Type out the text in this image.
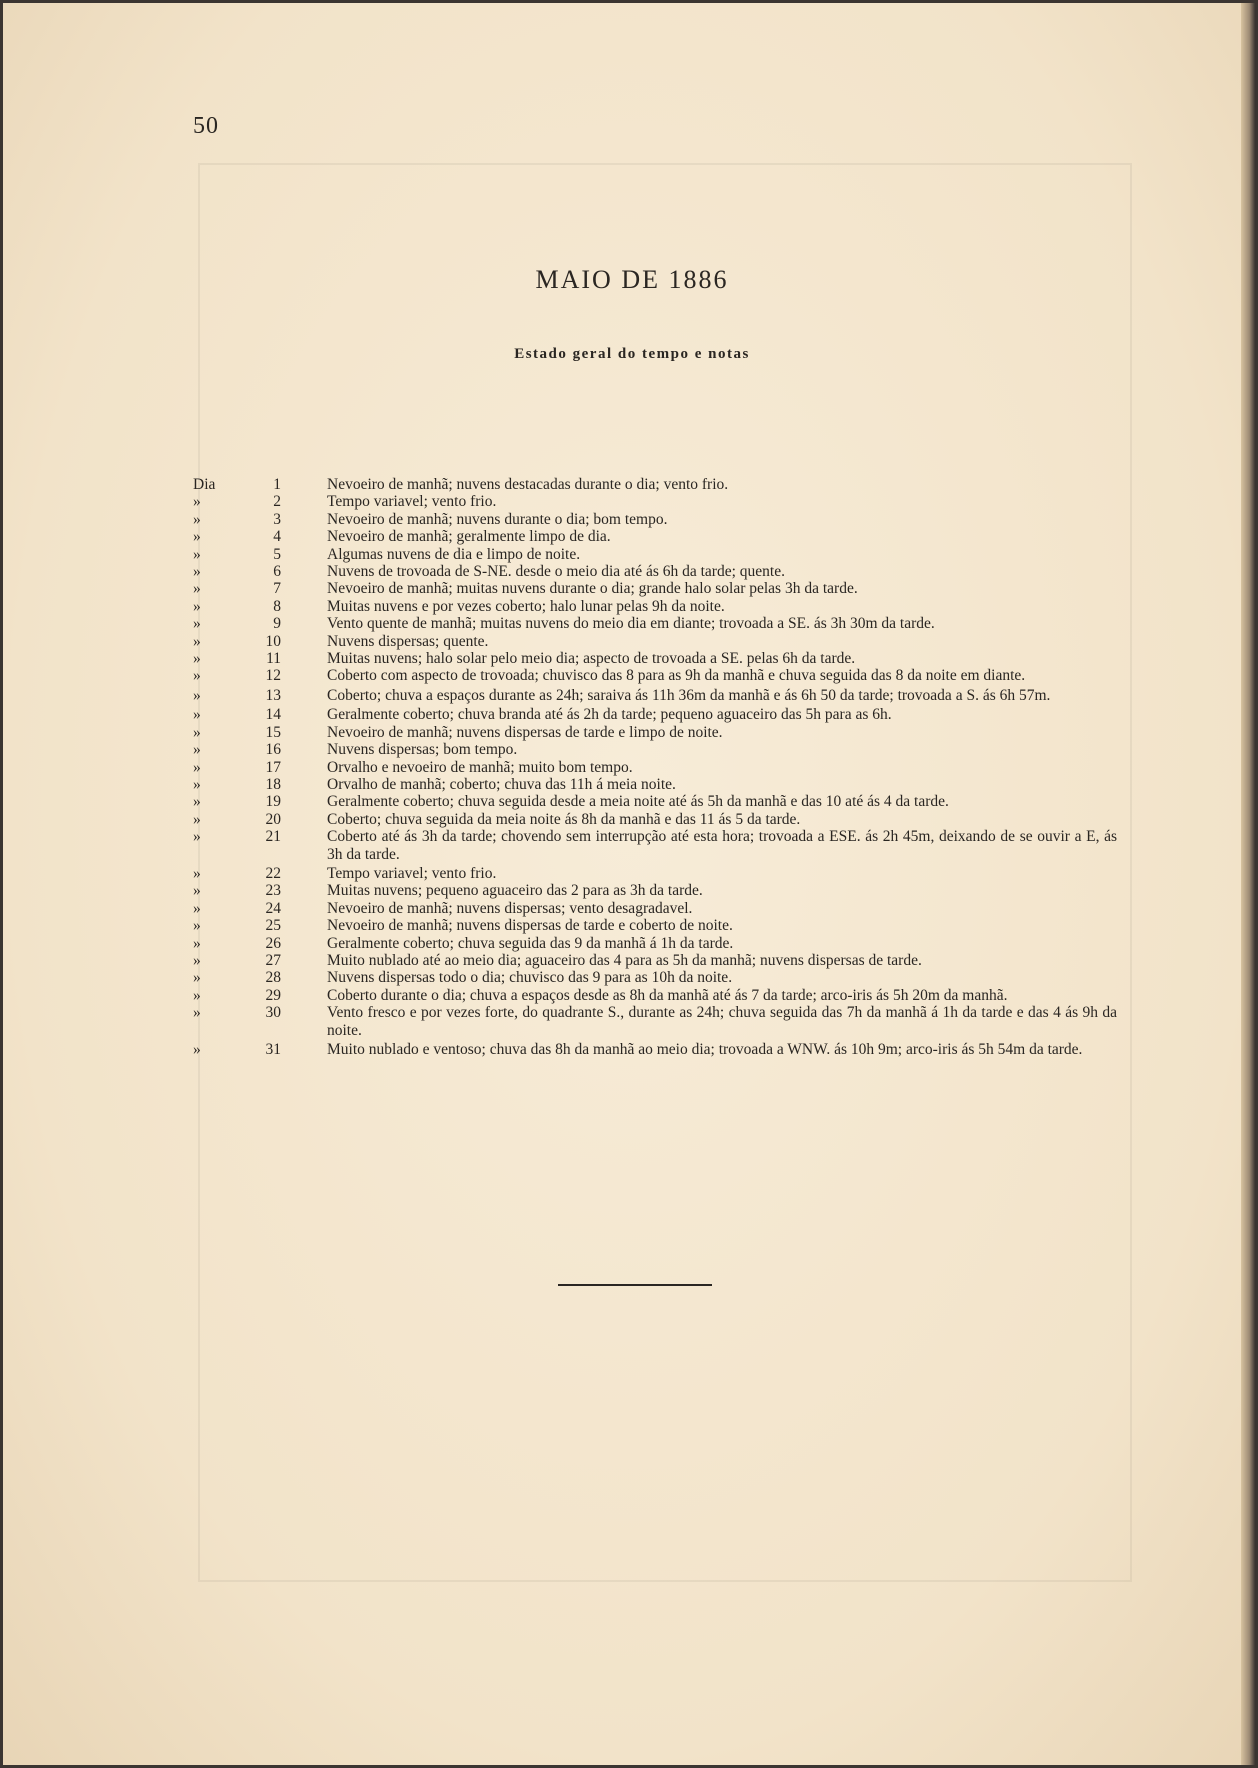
50
MAIO DE 1886
Estado geral do tempo e notas
Dia	1	Nevoeiro de manhã; nuvens destacadas durante o dia; vento frio.
»	2	Tempo variavel; vento frio.
»	3	Nevoeiro de manhã; nuvens durante o dia; bom tempo.
»	4	Nevoeiro de manhã; geralmente limpo de dia.
»	5	Algumas nuvens de dia e limpo de noite.
»	6	Nuvens de trovoada de S-NE. desde o meio dia até ás 6h da tarde; quente.
»	7	Nevoeiro de manhã; muitas nuvens durante o dia; grande halo solar pelas 3h da tarde.
»	8	Muitas nuvens e por vezes coberto; halo lunar pelas 9h da noite.
»	9	Vento quente de manhã; muitas nuvens do meio dia em diante; trovoada a SE. ás 3h 30m da tarde.
»	10	Nuvens dispersas; quente.
»	11	Muitas nuvens; halo solar pelo meio dia; aspecto de trovoada a SE. pelas 6h da tarde.
»	12	Coberto com aspecto de trovoada; chuvisco das 8 para as 9h da manhã e chuva seguida das 8 da noite em diante.
»	13	Coberto; chuva a espaços durante as 24h; saraiva ás 11h 36m da manhã e ás 6h 50 da tarde; trovoada a S. ás 6h 57m.
»	14	Geralmente coberto; chuva branda até ás 2h da tarde; pequeno aguaceiro das 5h para as 6h.
»	15	Nevoeiro de manhã; nuvens dispersas de tarde e limpo de noite.
»	16	Nuvens dispersas; bom tempo.
»	17	Orvalho e nevoeiro de manhã; muito bom tempo.
»	18	Orvalho de manhã; coberto; chuva das 11h á meia noite.
»	19	Geralmente coberto; chuva seguida desde a meia noite até ás 5h da manhã e das 10 até ás 4 da tarde.
»	20	Coberto; chuva seguida da meia noite ás 8h da manhã e das 11 ás 5 da tarde.
»	21	Coberto até ás 3h da tarde; chovendo sem interrupção até esta hora; trovoada a ESE. ás 2h 45m, deixando de se ouvir a E, ás 3h da tarde.
»	22	Tempo variavel; vento frio.
»	23	Muitas nuvens; pequeno aguaceiro das 2 para as 3h da tarde.
»	24	Nevoeiro de manhã; nuvens dispersas; vento desagradavel.
»	25	Nevoeiro de manhã; nuvens dispersas de tarde e coberto de noite.
»	26	Geralmente coberto; chuva seguida das 9 da manhã á 1h da tarde.
»	27	Muito nublado até ao meio dia; aguaceiro das 4 para as 5h da manhã; nuvens dispersas de tarde.
»	28	Nuvens dispersas todo o dia; chuvisco das 9 para as 10h da noite.
»	29	Coberto durante o dia; chuva a espaços desde as 8h da manhã até ás 7 da tarde; arco-iris ás 5h 20m da manhã.
»	30	Vento fresco e por vezes forte, do quadrante S., durante as 24h; chuva seguida das 7h da manhã á 1h da tarde e das 4 ás 9h da noite.
»	31	Muito nublado e ventoso; chuva das 8h da manhã ao meio dia; trovoada a WNW. ás 10h 9m; arco-iris ás 5h 54m da tarde.
